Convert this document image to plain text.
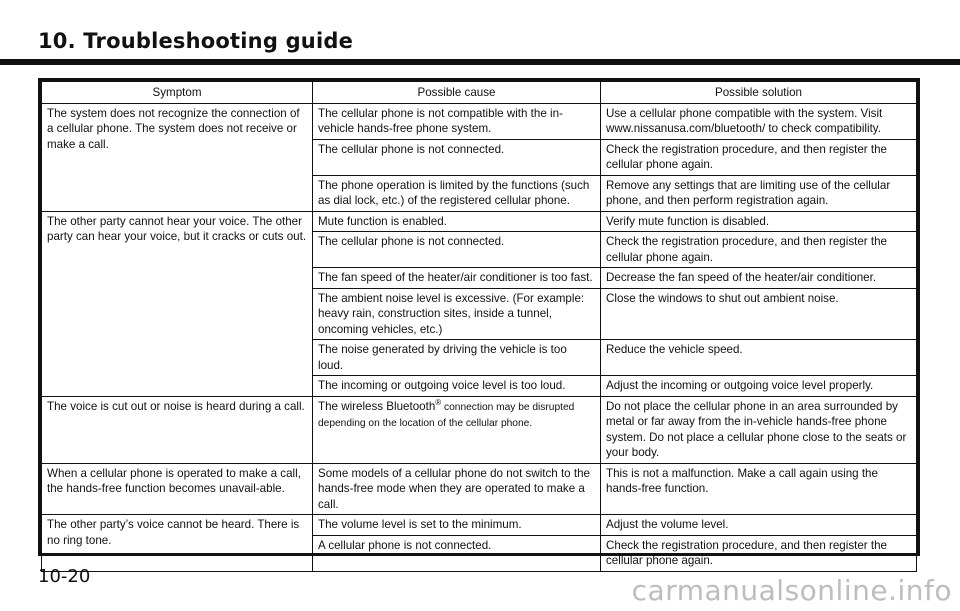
10. Troubleshooting guide
Symptom	Possible cause	Possible solution
The system does not recognize the connection of a cellular phone. The system does not receive or make a call.	The cellular phone is not compatible with the in-vehicle hands-free phone system.	Use a cellular phone compatible with the system. Visit www.nissanusa.com/bluetooth/ to check compatibility.
	The cellular phone is not connected.	Check the registration procedure, and then register the cellular phone again.
	The phone operation is limited by the functions (such as dial lock, etc.) of the registered cellular phone.	Remove any settings that are limiting use of the cellular phone, and then perform registration again.
The other party cannot hear your voice. The other party can hear your voice, but it cracks or cuts out.	Mute function is enabled.	Verify mute function is disabled.
	The cellular phone is not connected.	Check the registration procedure, and then register the cellular phone again.
	The fan speed of the heater/air conditioner is too fast.	Decrease the fan speed of the heater/air conditioner.
	The ambient noise level is excessive. (For example: heavy rain, construction sites, inside a tunnel, oncoming vehicles, etc.)	Close the windows to shut out ambient noise.
	The noise generated by driving the vehicle is too loud.	Reduce the vehicle speed.
	The incoming or outgoing voice level is too loud.	Adjust the incoming or outgoing voice level properly.
The voice is cut out or noise is heard during a call.	The wireless Bluetooth® connection may be disrupted depending on the location of the cellular phone.	Do not place the cellular phone in an area surrounded by metal or far away from the in-vehicle hands-free phone system. Do not place a cellular phone close to the seats or your body.
When a cellular phone is operated to make a call, the hands-free function becomes unavail-able.	Some models of a cellular phone do not switch to the hands-free mode when they are operated to make a call.	This is not a malfunction. Make a call again using the hands-free function.
The other party’s voice cannot be heard. There is no ring tone.	The volume level is set to the minimum.	Adjust the volume level.
	A cellular phone is not connected.	Check the registration procedure, and then register the cellular phone again.
10-20	carmanualsonline.info
